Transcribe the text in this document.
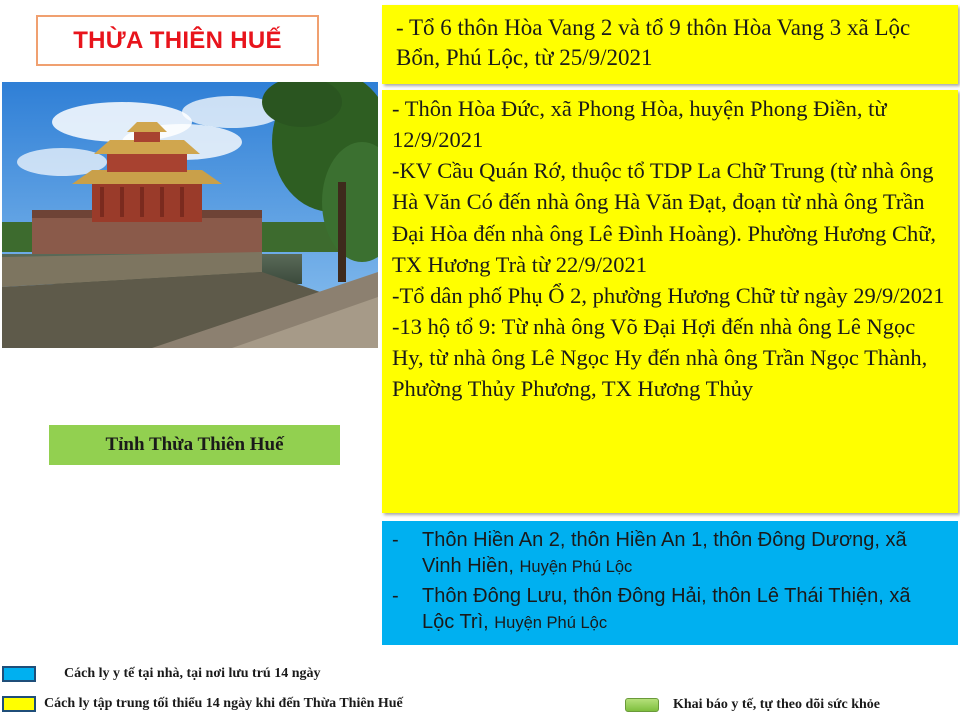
THỪA THIÊN HUẾ	- Tổ 6 thôn Hòa Vang 2 và tổ 9 thôn Hòa Vang 3 xã Lộc Bổn, Phú Lộc, từ 25/9/2021
- Thôn Hòa Đức, xã Phong Hòa, huyện Phong Điền, từ 12/9/2021
-KV Cầu Quán Rớ, thuộc tổ TDP La Chữ Trung (từ nhà ông Hà Văn Có đến nhà ông Hà Văn Đạt, đoạn từ nhà ông Trần Đại Hòa đến nhà ông Lê Đình Hoàng). Phường Hương Chữ, TX Hương Trà từ 22/9/2021
-Tổ dân phố Phụ Ổ 2, phường Hương Chữ từ ngày 29/9/2021
-13 hộ tổ 9: Từ nhà ông Võ Đại Hợi đến nhà ông Lê Ngọc Hy, từ nhà ông Lê Ngọc Hy đến nhà ông Trần Ngọc Thành, Phường Thủy Phương, TX Hương Thủy
Tỉnh Thừa Thiên Huế
-	Thôn Hiền An 2, thôn Hiền An 1, thôn Đông Dương, xã Vinh Hiền, Huyện Phú Lộc
-	Thôn Đông Lưu, thôn Đông Hải, thôn Lê Thái Thiện, xã Lộc Trì, Huyện Phú Lộc
Cách ly y tế tại nhà, tại nơi lưu trú 14 ngày
Cách ly tập trung tối thiểu 14 ngày khi đến Thừa Thiên Huế	Khai báo y tế, tự theo dõi sức khỏe
